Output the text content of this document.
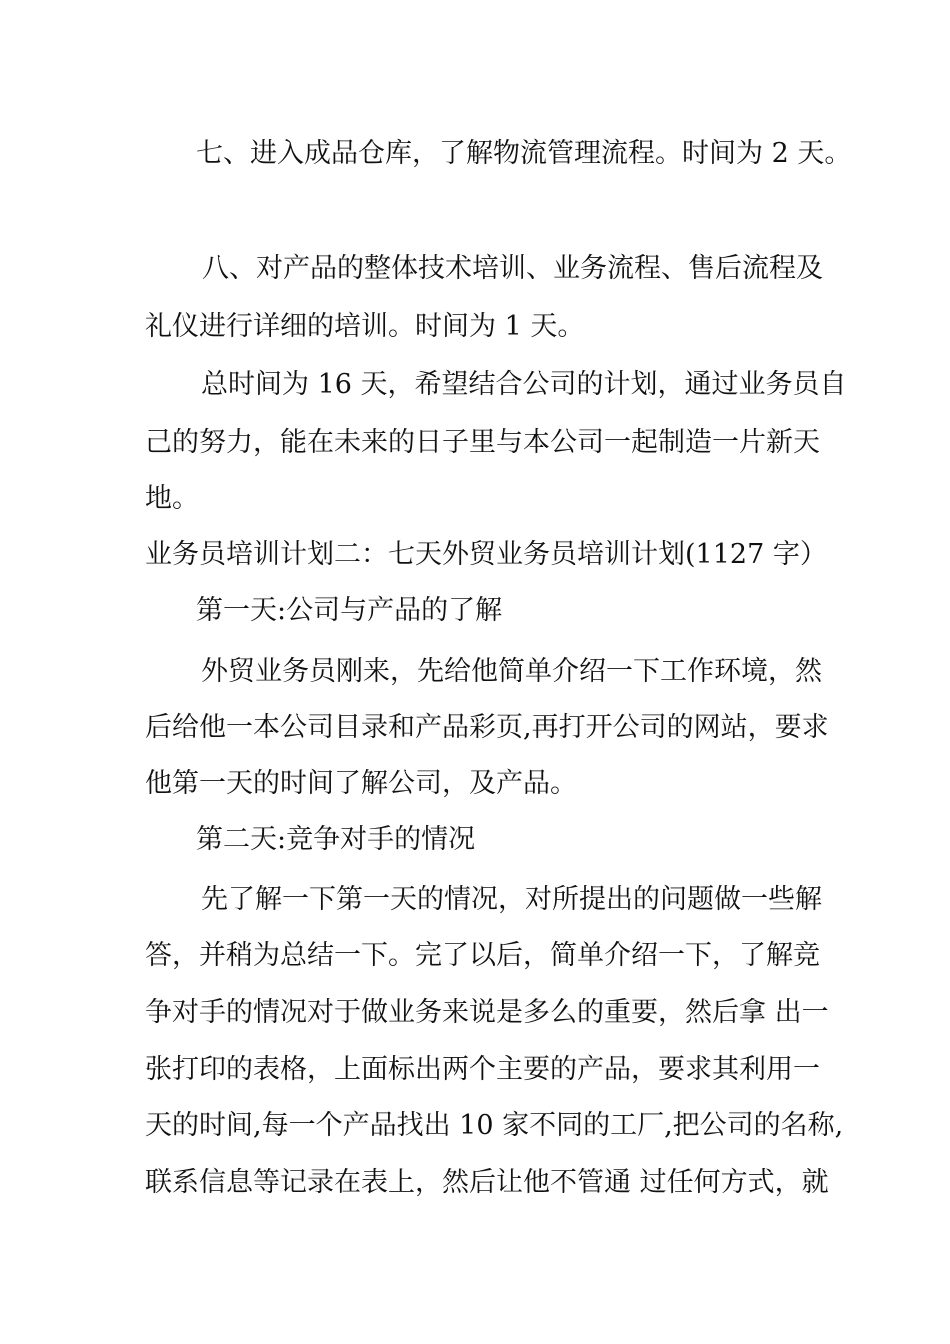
七、进入成品仓库，了解物流管理流程。时间为 2 天。
八、对产品的整体技术培训、业务流程、售后流程及
礼仪进行详细的培训。时间为 1 天。
总时间为 16 天，希望结合公司的计划，通过业务员自
己的努力，能在未来的日子里与本公司一起制造一片新天
地。
业务员培训计划二：七天外贸业务员培训计划(1127 字）
第一天:公司与产品的了解
外贸业务员刚来，先给他简单介绍一下工作环境，然
后给他一本公司目录和产品彩页,再打开公司的网站，要求
他第一天的时间了解公司，及产品。
第二天:竞争对手的情况
先了解一下第一天的情况，对所提出的问题做一些解
答，并稍为总结一下。完了以后，简单介绍一下，了解竞
争对手的情况对于做业务来说是多么的重要，然后拿 出一
张打印的表格，上面标出两个主要的产品，要求其利用一
天的时间,每一个产品找出 10 家不同的工厂,把公司的名称,
联系信息等记录在表上，然后让他不管通 过任何方式，就
